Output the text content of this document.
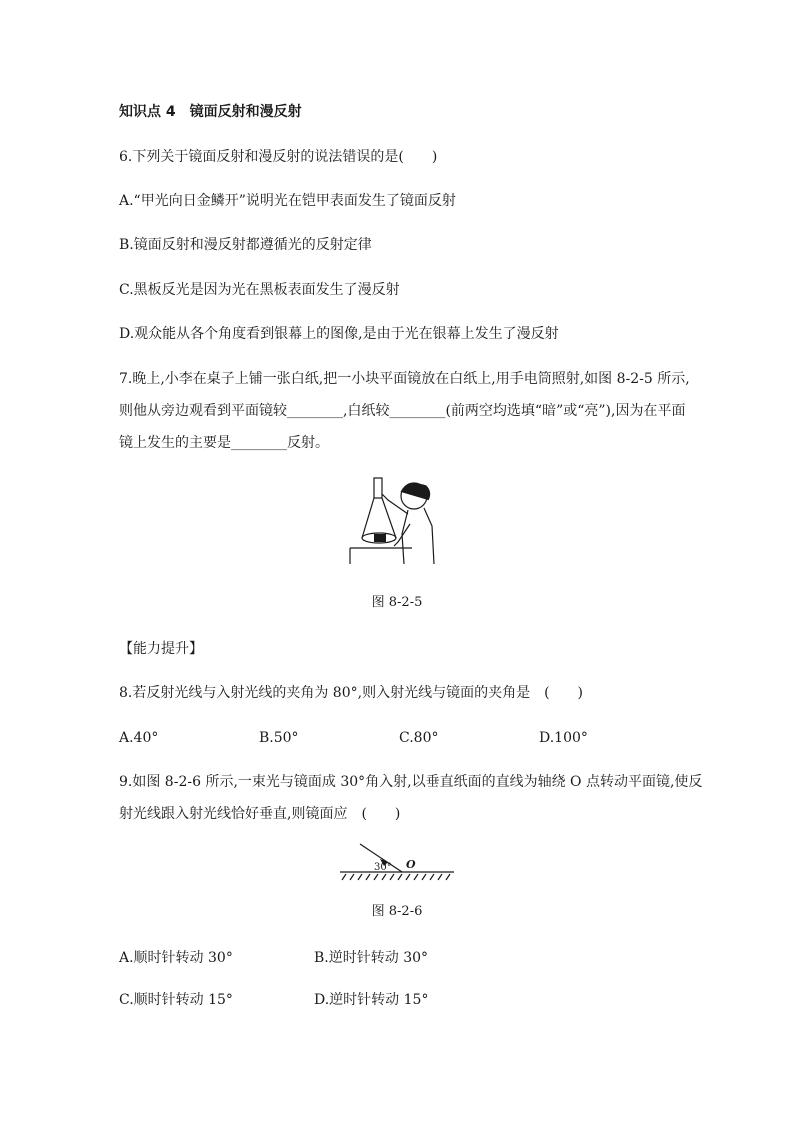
知识点 4　镜面反射和漫反射
6.下列关于镜面反射和漫反射的说法错误的是(　　)
A.“甲光向日金鳞开”说明光在铠甲表面发生了镜面反射
B.镜面反射和漫反射都遵循光的反射定律
C.黑板反光是因为光在黑板表面发生了漫反射
D.观众能从各个角度看到银幕上的图像,是由于光在银幕上发生了漫反射
7.晚上,小李在桌子上铺一张白纸,把一小块平面镜放在白纸上,用手电筒照射,如图 8-2-5 所示,
则他从旁边观看到平面镜较________,白纸较________(前两空均选填“暗”或“亮”),因为在平面
镜上发生的主要是________反射。
图 8-2-5
【能力提升】
8.若反射光线与入射光线的夹角为 80°,则入射光线与镜面的夹角是　(　　)
A.40°	B.50°	C.80°	D.100°
9.如图 8-2-6 所示,一束光与镜面成 30°角入射,以垂直纸面的直线为轴绕 O 点转动平面镜,使反
射光线跟入射光线恰好垂直,则镜面应　(　　)
30° O
图 8-2-6
A.顺时针转动 30°	B.逆时针转动 30°
C.顺时针转动 15°	D.逆时针转动 15°
